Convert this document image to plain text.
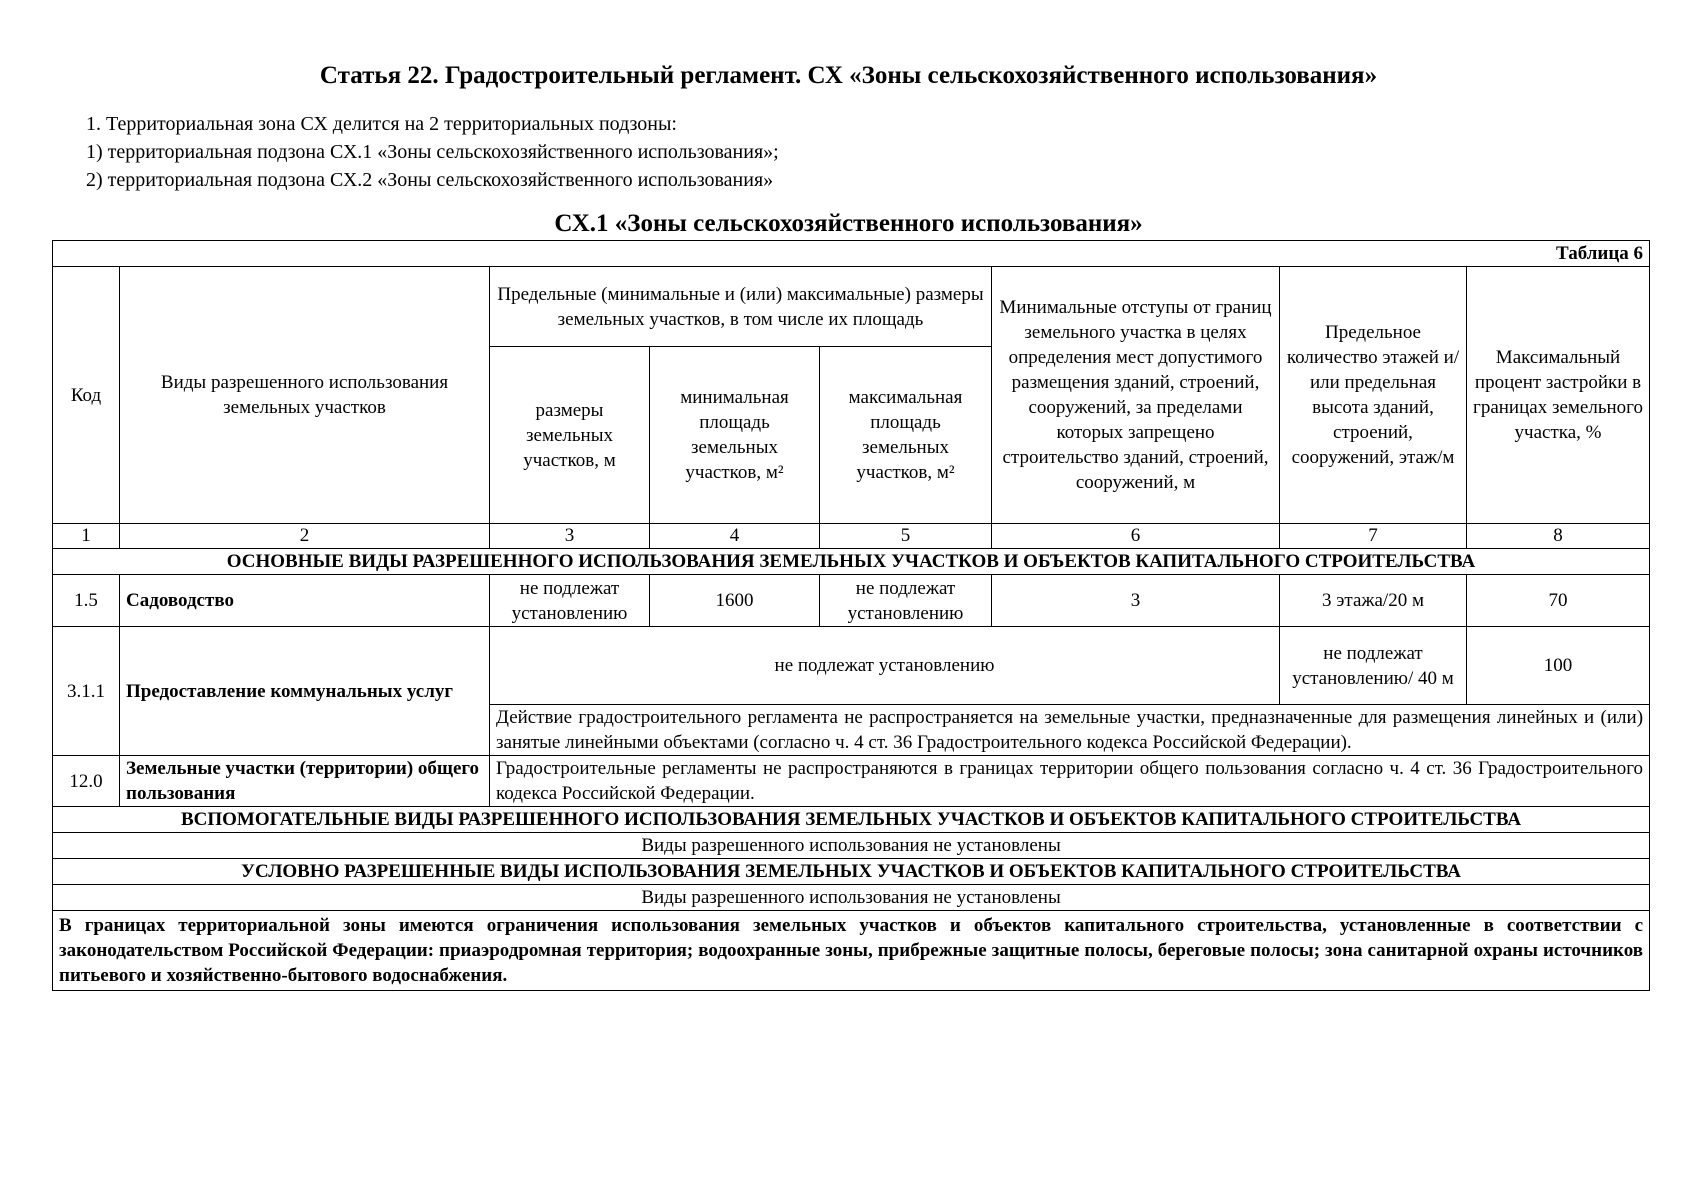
Статья 22. Градостроительный регламент. СХ «Зоны сельскохозяйственного использования»
1. Территориальная зона СХ делится на 2 территориальных подзоны:
1) территориальная подзона СХ.1 «Зоны сельскохозяйственного использования»;
2) территориальная подзона СХ.2 «Зоны сельскохозяйственного использования»
СХ.1 «Зоны сельскохозяйственного использования»
Таблица 6							
Код	Виды разрешенного использования земельных участков	Предельные (минимальные и (или) максимальные) размеры земельных участков, в том числе их площадь			Минимальные отступы от границ земельного участка в целях определения мест допустимого размещения зданий, строений, сооружений, за пределами которых запрещено строительство зданий, строений, сооружений, м	Предельное количество этажей и/или предельная высота зданий, строений, сооружений, этаж/м	Максимальный процент застройки в границах земельного участка, %
		размеры земельных участков, м	минимальная площадь земельных участков, м²	максимальная площадь земельных участков, м²			
1	2	3	4	5	6	7	8
ОСНОВНЫЕ ВИДЫ РАЗРЕШЕННОГО ИСПОЛЬЗОВАНИЯ ЗЕМЕЛЬНЫХ УЧАСТКОВ И ОБЪЕКТОВ КАПИТАЛЬНОГО СТРОИТЕЛЬСТВА							
1.5	Садоводство	не подлежат установлению	1600	не подлежат установлению	3	3 этажа/20 м	70
3.1.1	Предоставление коммунальных услуг	не подлежат установлению				не подлежат установлению/ 40 м	100
		Действие градостроительного регламента не распространяется на земельные участки, предназначенные для размещения линейных и (или) занятые линейными объектами (согласно ч. 4 ст. 36 Градостроительного кодекса Российской Федерации).					
12.0	Земельные участки (территории) общего пользования	Градостроительные регламенты не распространяются в границах территории общего пользования согласно ч. 4 ст. 36 Градостроительного кодекса Российской Федерации.					
ВСПОМОГАТЕЛЬНЫЕ ВИДЫ РАЗРЕШЕННОГО ИСПОЛЬЗОВАНИЯ ЗЕМЕЛЬНЫХ УЧАСТКОВ И ОБЪЕКТОВ КАПИТАЛЬНОГО СТРОИТЕЛЬСТВА							
Виды разрешенного использования не установлены							
УСЛОВНО РАЗРЕШЕННЫЕ ВИДЫ ИСПОЛЬЗОВАНИЯ ЗЕМЕЛЬНЫХ УЧАСТКОВ И ОБЪЕКТОВ КАПИТАЛЬНОГО СТРОИТЕЛЬСТВА							
Виды разрешенного использования не установлены							
В границах территориальной зоны имеются ограничения использования земельных участков и объектов капитального строительства, установленные в соответствии с законодательством Российской Федерации: приаэродромная территория; водоохранные зоны, прибрежные защитные полосы, береговые полосы; зона санитарной охраны источников питьевого и хозяйственно-бытового водоснабжения.							
